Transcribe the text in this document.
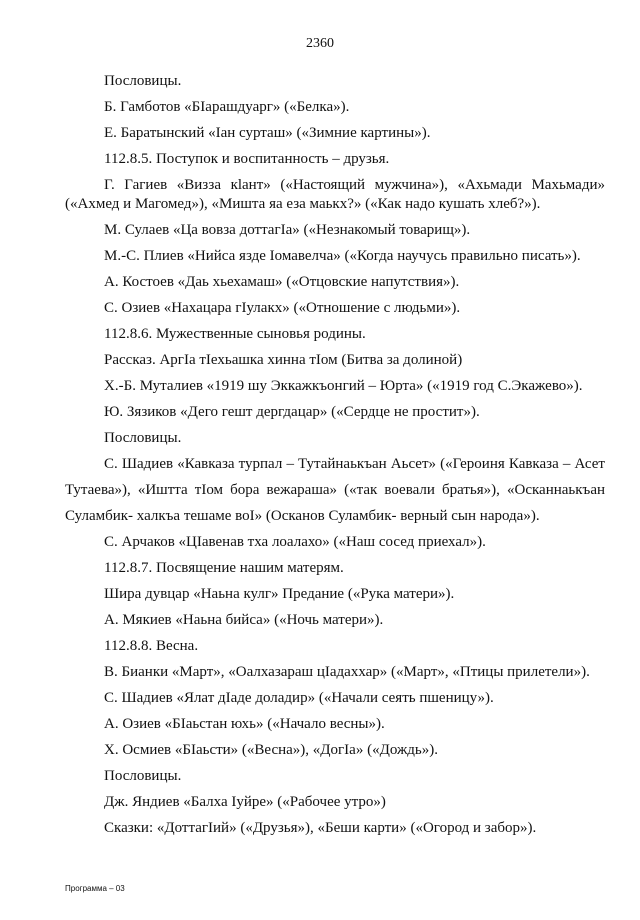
2360

Пословицы.

Б. Гамботов «БІарашдуарг» («Белка»).

Е. Баратынский «Іан сурташ» («Зимние картины»).

112.8.5. Поступок и воспитанность – друзья.

Г. Гагиев «Визза кlант» («Настоящий мужчина»), «Ахьмади Махьмади»

(«Ахмед и Магомед»), «Мишта яа еза маькх?» («Как надо кушать хлеб?»).

М. Сулаев «Ца вовза доттагІа» («Незнакомый товарищ»).

М.-С. Плиев «Нийса язде Іомавелча» («Когда научусь правильно писать»).

А. Костоев «Даь хьехамаш» («Отцовские напутствия»).

С. Озиев «Нахацара гІулакх» («Отношение с людьми»).

112.8.6. Мужественные сыновья родины.

Рассказ. АргІа тІехьашка хинна тІом (Битва за долиной)

Х.-Б. Муталиев «1919 шу Эккажкъонгий – Юрта» («1919 год С.Экажево»).

Ю. Зязиков «Дего гешт дергдацар» («Сердце не простит»).

Пословицы.

С. Шадиев «Кавказа турпал – Тутайнаькъан Аьсет» («Героиня Кавказа – Асет

Тутаева»), «Иштта тІом бора вежараша» («так воевали братья»), «Осканнаькъан

Суламбик- халкъа тешаме воІ» (Осканов Суламбик- верный сын народа»).

С. Арчаков «ЦІавенав тха лоалахо» («Наш сосед приехал»).

112.8.7. Посвящение нашим матерям.

Шира дувцар «Наьна кулг» Предание («Рука матери»).

А. Мякиев «Наьна бийса» («Ночь матери»).

112.8.8. Весна.

В. Бианки «Март», «Оалхазараш цІадаххар» («Март», «Птицы прилетели»).

С. Шадиев «Ялат дІаде доладир» («Начали сеять пшеницу»).

А. Озиев «БІаьстан юхь» («Начало весны»).

Х. Осмиев «БІаьсти» («Весна»), «ДогІа» («Дождь»).

Пословицы.

Дж. Яндиев «Балха Іуйре» («Рабочее утро»)

Сказки: «ДоттагІий» («Друзья»), «Беши карти» («Огород и забор»).

Программа – 03
